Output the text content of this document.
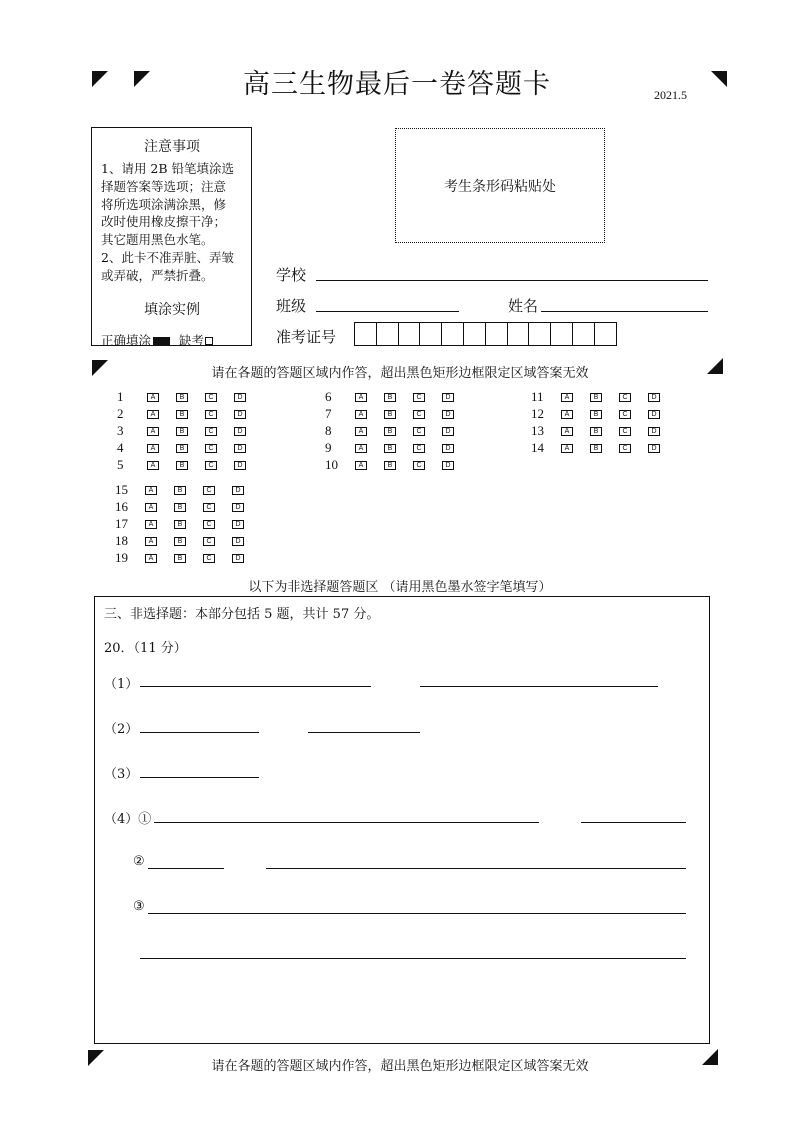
高三生物最后一卷答题卡	2021.5
注意事项
1、请用 2B 铅笔填涂选
择题答案等选项；注意
将所选项涂满涂黑，修
改时使用橡皮擦干净；
其它题用黑色水笔。
2、此卡不准弄脏、弄皱
或弄破，严禁折叠。
填涂实例
正确填涂 缺考
考生条形码粘贴处
学校
班级	姓名
准考证号
请在各题的答题区域内作答，超出黑色矩形边框限定区域答案无效
1	A	B	C	D
2	A	B	C	D
3	A	B	C	D
4	A	B	C	D
5	A	B	C	D
6	A	B	C	D
7	A	B	C	D
8	A	B	C	D
9	A	B	C	D
10	A	B	C	D
11	A	B	C	D
12	A	B	C	D
13	A	B	C	D
14	A	B	C	D
15	A	B	C	D
16	A	B	C	D
17	A	B	C	D
18	A	B	C	D
19	A	B	C	D
以下为非选择题答题区 （请用黑色墨水签字笔填写）
三、非选择题：本部分包括 5 题，共计 57 分。
20．（11 分）
（1）
（2）
（3）
（4）①
②
③
请在各题的答题区域内作答，超出黑色矩形边框限定区域答案无效
